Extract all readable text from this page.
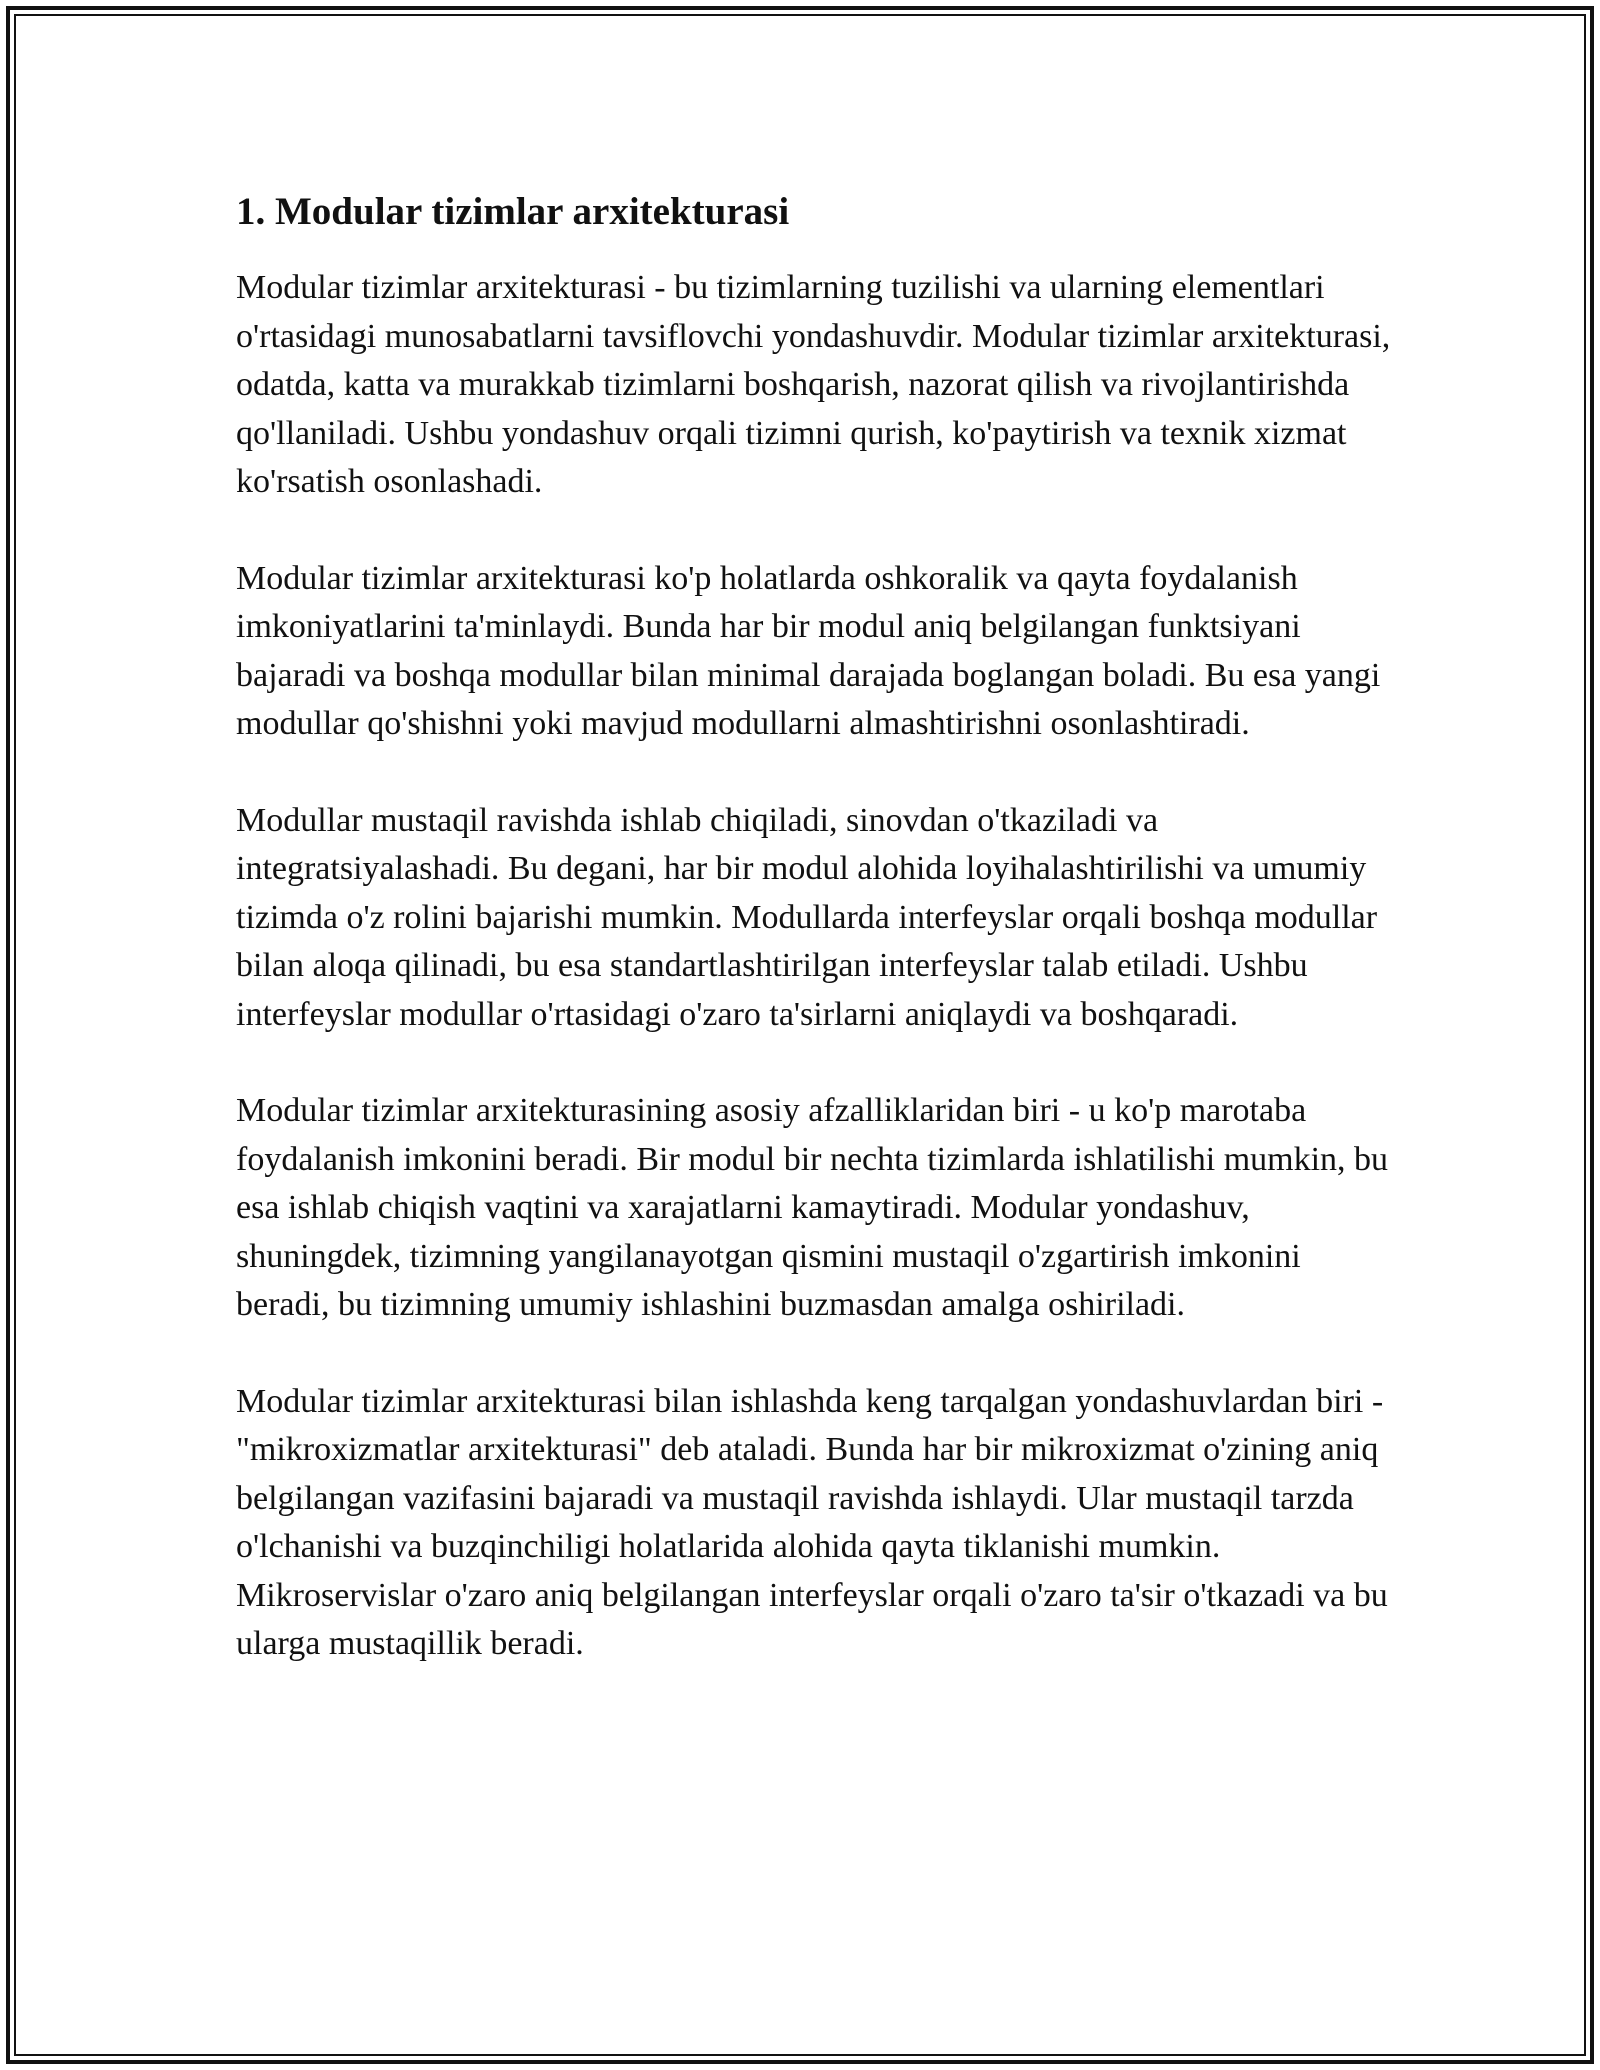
1. Modular tizimlar arxitekturasi

Modular tizimlar arxitekturasi - bu tizimlarning tuzilishi va ularning elementlari o'rtasidagi munosabatlarni tavsiflovchi yondashuvdir. Modular tizimlar arxitekturasi, odatda, katta va murakkab tizimlarni boshqarish, nazorat qilish va rivojlantirishda qo'llaniladi. Ushbu yondashuv orqali tizimni qurish, ko'paytirish va texnik xizmat ko'rsatish osonlashadi.

Modular tizimlar arxitekturasi ko'p holatlarda oshkoralik va qayta foydalanish imkoniyatlarini ta'minlaydi. Bunda har bir modul aniq belgilangan funktsiyani bajaradi va boshqa modullar bilan minimal darajada boglangan boladi. Bu esa yangi modullar qo'shishni yoki mavjud modullarni almashtirishni osonlashtiradi.

Modullar mustaqil ravishda ishlab chiqiladi, sinovdan o'tkaziladi va integratsiyalashadi. Bu degani, har bir modul alohida loyihalashtirilishi va umumiy tizimda o'z rolini bajarishi mumkin. Modullarda interfeyslar orqali boshqa modullar bilan aloqa qilinadi, bu esa standartlashtirilgan interfeyslar talab etiladi. Ushbu interfeyslar modullar o'rtasidagi o'zaro ta'sirlarni aniqlaydi va boshqaradi.

Modular tizimlar arxitekturasining asosiy afzalliklaridan biri - u ko'p marotaba foydalanish imkonini beradi. Bir modul bir nechta tizimlarda ishlatilishi mumkin, bu esa ishlab chiqish vaqtini va xarajatlarni kamaytiradi. Modular yondashuv, shuningdek, tizimning yangilanayotgan qismini mustaqil o'zgartirish imkonini beradi, bu tizimning umumiy ishlashini buzmasdan amalga oshiriladi.

Modular tizimlar arxitekturasi bilan ishlashda keng tarqalgan yondashuvlardan biri - "mikroxizmatlar arxitekturasi" deb ataladi. Bunda har bir mikroxizmat o'zining aniq belgilangan vazifasini bajaradi va mustaqil ravishda ishlaydi. Ular mustaqil tarzda o'lchanishi va buzqinchiligi holatlarida alohida qayta tiklanishi mumkin. Mikroservislar o'zaro aniq belgilangan interfeyslar orqali o'zaro ta'sir o'tkazadi va bu ularga mustaqillik beradi.
